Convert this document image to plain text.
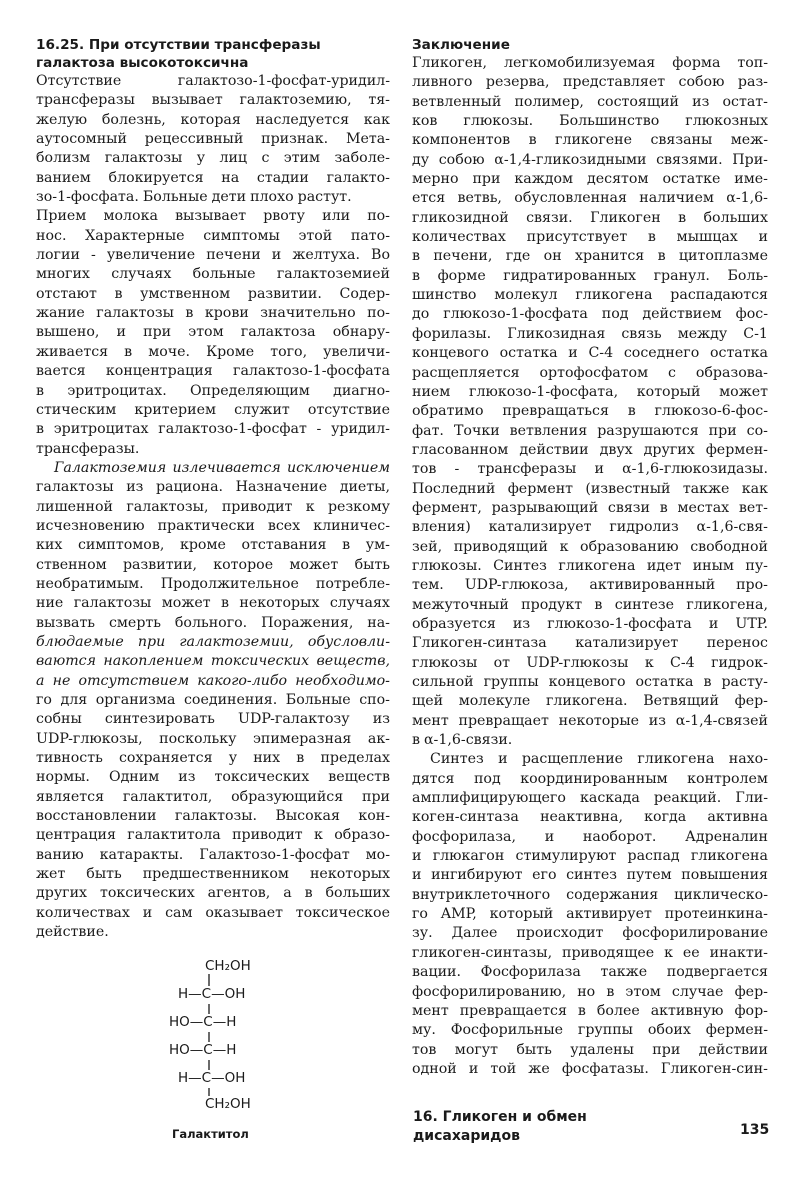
16.25. При отсутствии трансферазы
галактоза высокотоксична
Отсутствие	галактозо-1-фосфат-уридил-
трансферазы вызывает галактоземию, тя-
желую болезнь, которая наследуется как
аутосомный рецессивный признак. Мета-
болизм галактозы у лиц с этим заболе-
ванием блокируется на стадии галакто-
зо-1-фосфата. Больные дети плохо растут.
Прием молока вызывает рвоту или по-
нос. Характерные симптомы этой пато-
логии - увеличение печени и желтуха. Во
многих случаях больные галактоземией
отстают в умственном развитии. Содер-
жание галактозы в крови значительно по-
вышено, и при этом галактоза обнару-
живается в моче. Кроме того, увеличи-
вается концентрация галактозо-1-фосфата
в эритроцитах. Определяющим диагно-
стическим критерием служит отсутствие
в эритроцитах галактозо-1-фосфат - уридил-
трансферазы.
Галактоземия излечивается исключением
галактозы из рациона. Назначение диеты,
лишенной галактозы, приводит к резкому
исчезновению практически всех клиничес-
ких симптомов, кроме отставания в ум-
ственном развитии, которое может быть
необратимым. Продолжительное потребле-
ние галактозы может в некоторых случаях
вызвать смерть больного. Поражения, на-
блюдаемые при галактоземии, обусловли-
ваются накоплением токсических веществ,
а не отсутствием какого-либо необходимо-
го для организма соединения. Больные спо-
собны синтезировать UDP-галактозу из
UDP-глюкозы, поскольку эпимеразная ак-
тивность сохраняется у них в пределах
нормы. Одним из токсических веществ
является галактитол, образующийся при
восстановлении галактозы. Высокая кон-
центрация галактитола приводит к образо-
ванию катаракты. Галактозо-1-фосфат мо-
жет быть предшественником некоторых
других токсических агентов, а в больших
количествах и сам оказывает токсическое
действие.
CH₂OH
H—C—OH
HO—C—H
HO—C—H
H—C—OH
CH₂OH
Галактитол
Заключение
Гликоген, легкомобилизуемая форма топ-
ливного резерва, представляет собою раз-
ветвленный полимер, состоящий из остат-
ков глюкозы. Большинство глюкозных
компонентов в гликогене связаны меж-
ду собою α-1,4-гликозидными связями. При-
мерно при каждом десятом остатке име-
ется ветвь, обусловленная наличием α-1,6-
гликозидной связи. Гликоген в больших
количествах присутствует в мышцах и
в печени, где он хранится в цитоплазме
в форме гидратированных гранул. Боль-
шинство молекул гликогена распадаются
до глюкозо-1-фосфата под действием фос-
форилазы. Гликозидная связь между С-1
концевого остатка и С-4 соседнего остатка
расщепляется ортофосфатом с образова-
нием глюкозо-1-фосфата, который может
обратимо превращаться в глюкозо-6-фос-
фат. Точки ветвления разрушаются при со-
гласованном действии двух других фермен-
тов - трансферазы и α-1,6-глюкозидазы.
Последний фермент (известный также как
фермент, разрывающий связи в местах вет-
вления) катализирует гидролиз α-1,6-свя-
зей, приводящий к образованию свободной
глюкозы. Синтез гликогена идет иным пу-
тем. UDP-глюкоза, активированный про-
межуточный продукт в синтезе гликогена,
образуется из глюкозо-1-фосфата и UTP.
Гликоген-синтаза катализирует перенос
глюкозы от UDP-глюкозы к С-4 гидрок-
сильной группы концевого остатка в расту-
щей молекуле гликогена. Ветвящий фер-
мент превращает некоторые из α-1,4-связей
в α-1,6-связи.
Синтез и расщепление гликогена нахо-
дятся под координированным контролем
амплифицирующего каскада реакций. Гли-
коген-синтаза неактивна, когда активна
фосфорилаза, и наоборот. Адреналин
и глюкагон стимулируют распад гликогена
и ингибируют его синтез путем повышения
внутриклеточного содержания циклическо-
го AMP, который активирует протеинкина-
зу. Далее происходит фосфорилирование
гликоген-синтазы, приводящее к ее инакти-
вации. Фосфорилаза также подвергается
фосфорилированию, но в этом случае фер-
мент превращается в более активную фор-
му. Фосфорильные группы обоих фермен-
тов могут быть удалены при действии
одной и той же фосфатазы. Гликоген-син-
16. Гликоген и обмен
дисахаридов	135
